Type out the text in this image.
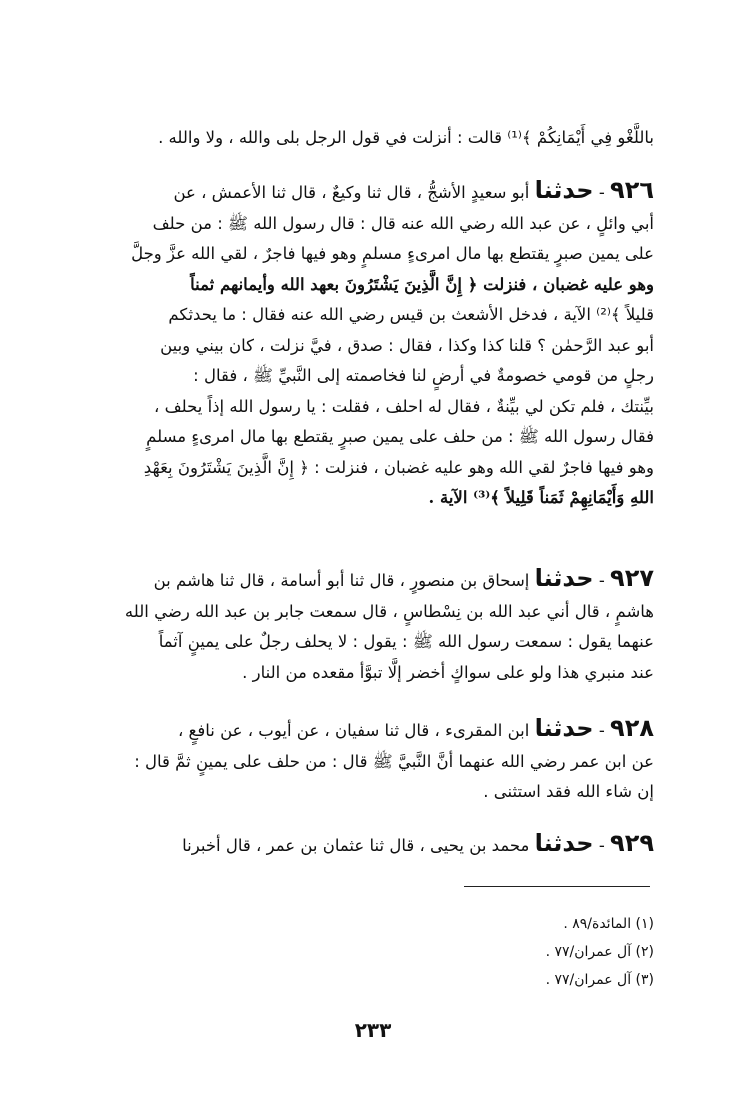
باللَّغْو فِي أَيْمَانِكُمْ ﴾⁽¹⁾ قالت : أنزلت في قول الرجل بلى والله ، ولا والله .
٩٢٦ - حدثنا أبو سعيدٍ الأشجُّ ، قال ثنا وكيعٌ ، قال ثنا الأعمش ، عن
أبي وائلٍ ، عن عبد الله رضي الله عنه قال : قال رسول الله ﷺ : من حلف
على يمين صبرٍ يقتطع بها مال امرىءٍ مسلمٍ وهو فيها فاجرٌ ، لقي الله عزَّ وجلَّ
وهو عليه غضبان ، فنزلت ﴿ إِنَّ الَّذِينَ يَشْتَرُونَ بعهد الله وأيمانهم ثمناً
قليلاً ﴾⁽²⁾ الآية ، فدخل الأشعث بن قيس رضي الله عنه فقال : ما يحدثكم
أبو عبد الرَّحمٰن ؟ قلنا كذا وكذا ، فقال : صدق ، فيَّ نزلت ، كان بيني وبين
رجلٍ من قومي خصومةٌ في أرضٍ لنا فخاصمته إلى النَّبيِّ ﷺ ، فقال :
بيِّنتك ، فلم تكن لي بيِّنةٌ ، فقال له احلف ، فقلت : يا رسول الله إذاً يحلف ،
فقال رسول الله ﷺ : من حلف على يمين صبرٍ يقتطع بها مال امرىءٍ مسلمٍ
وهو فيها فاجرٌ لقي الله وهو عليه غضبان ، فنزلت : ﴿ إِنَّ الَّذِينَ يَشْتَرُونَ بِعَهْدِ
اللهِ وَأَيْمَانِهِمْ ثَمَناً قَلِيلاً ﴾⁽³⁾ الآية .
٩٢٧ - حدثنا إسحاق بن منصورٍ ، قال ثنا أبو أسامة ، قال ثنا هاشم بن
هاشمٍ ، قال أني عبد الله بن نِسْطاسٍ ، قال سمعت جابر بن عبد الله رضي الله
عنهما يقول : سمعت رسول الله ﷺ : يقول : لا يحلف رجلٌ على يمينٍ آثماً
عند منبري هذا ولو على سواكٍ أخضر إلَّا تبوَّأ مقعده من النار .
٩٢٨ - حدثنا ابن المقرىء ، قال ثنا سفيان ، عن أيوب ، عن نافعٍ ،
عن ابن عمر رضي الله عنهما أنَّ النَّبيَّ ﷺ قال : من حلف على يمينٍ ثمَّ قال :
إن شاء الله فقد استثنى .
٩٢٩ - حدثنا محمد بن يحيى ، قال ثنا عثمان بن عمر ، قال أخبرنا
(١) المائدة/٨٩ .
(٢) آل عمران/٧٧ .
(٣) آل عمران/٧٧ .
٢٣٣
